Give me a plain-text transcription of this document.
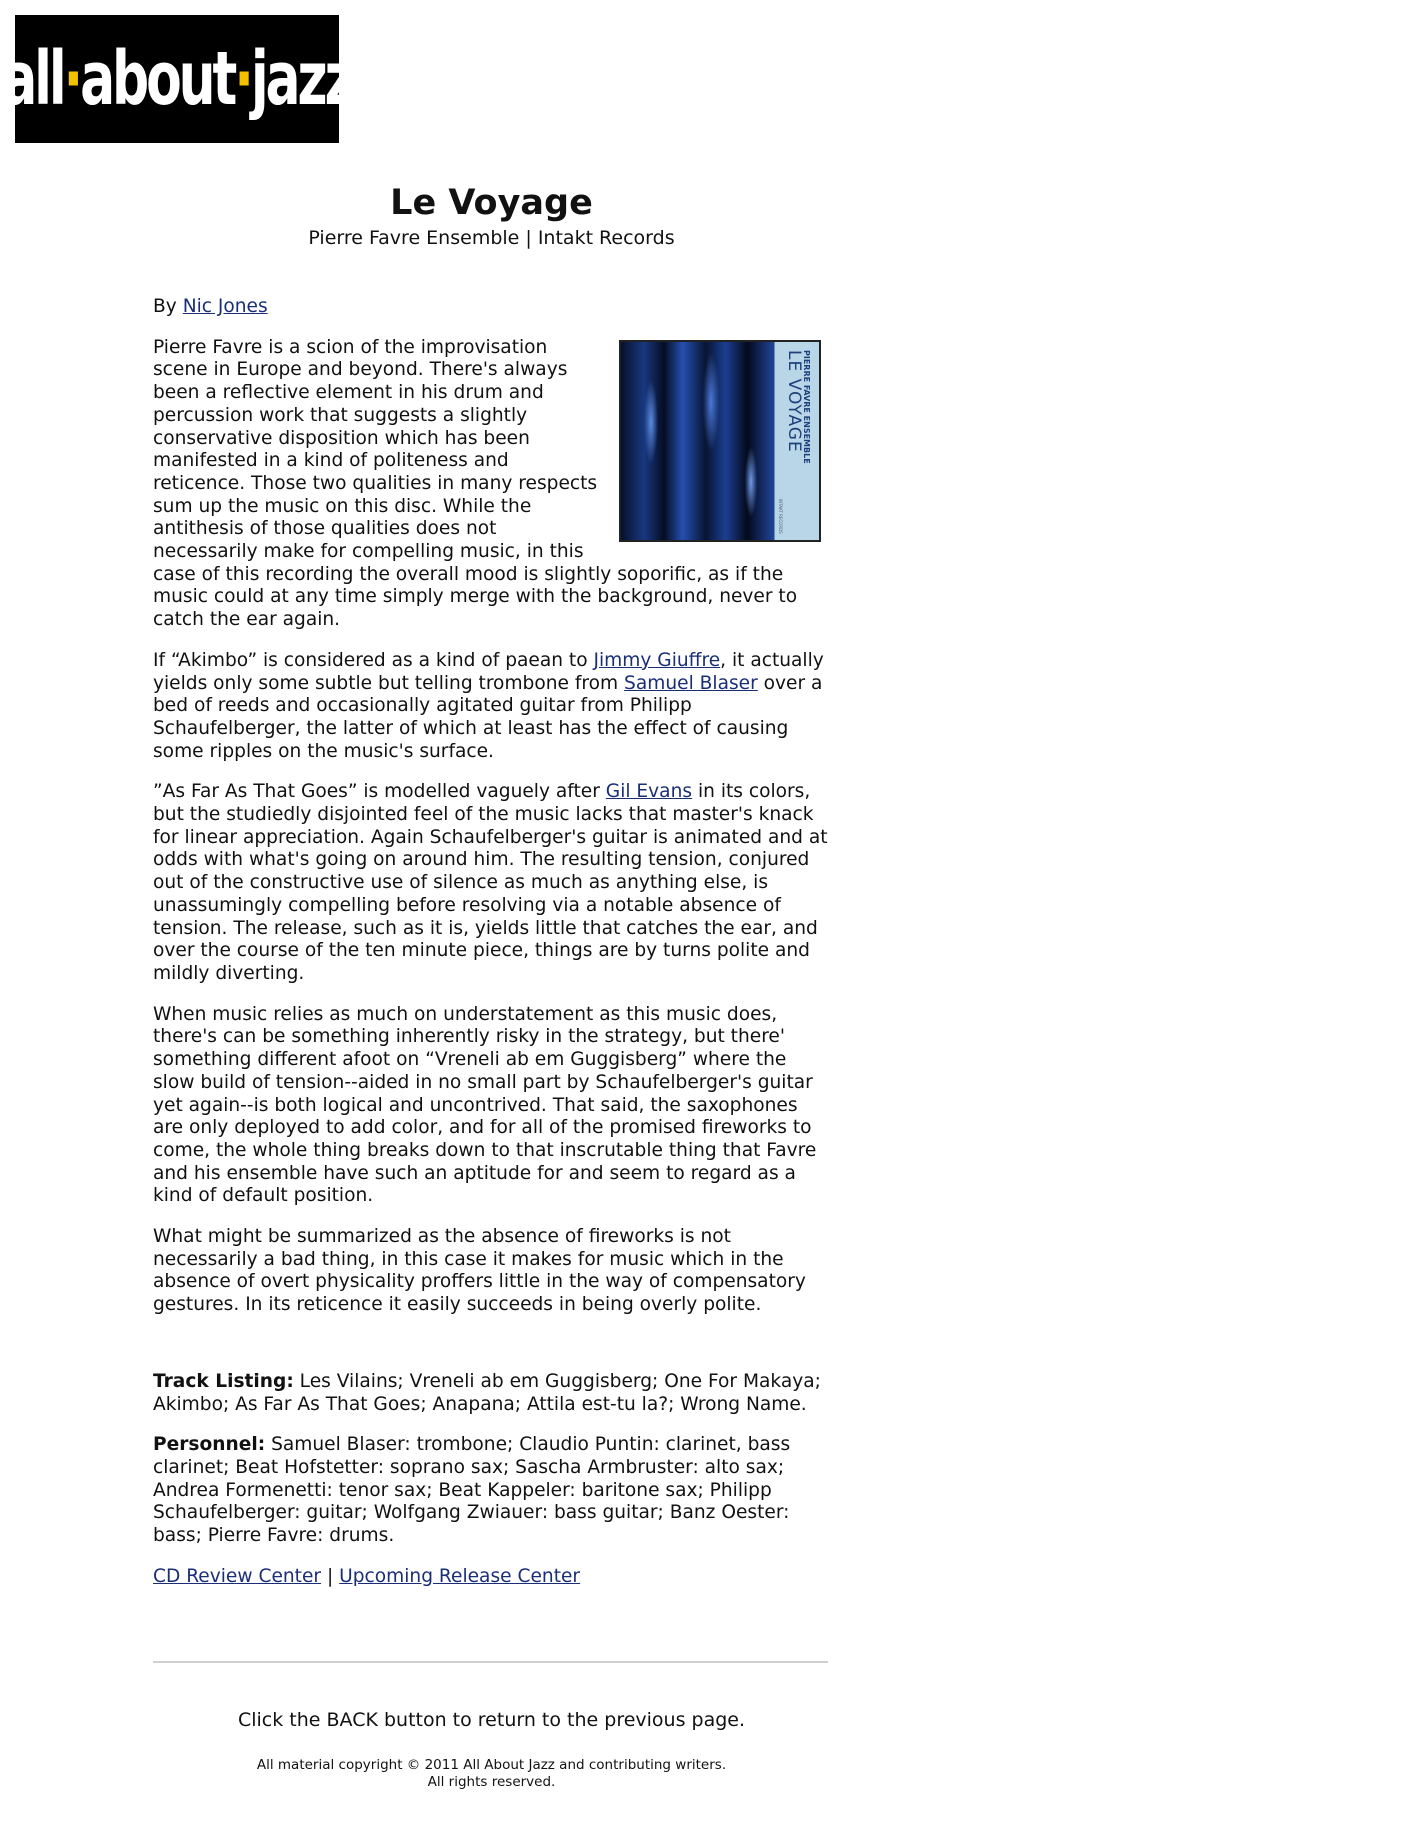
all·about·jazz
Le Voyage
Pierre Favre Ensemble | Intakt Records

By Nic Jones

LE VOYAGE
PIERRE FAVRE ENSEMBLE
INTAKT RECORDS

Pierre Favre is a scion of the improvisation scene in Europe and beyond. There's always been a reflective element in his drum and percussion work that suggests a slightly conservative disposition which has been manifested in a kind of politeness and reticence. Those two qualities in many respects sum up the music on this disc. While the antithesis of those qualities does not necessarily make for compelling music, in this case of this recording the overall mood is slightly soporific, as if the music could at any time simply merge with the background, never to catch the ear again.

If “Akimbo” is considered as a kind of paean to Jimmy Giuffre, it actually yields only some subtle but telling trombone from Samuel Blaser over a bed of reeds and occasionally agitated guitar from Philipp Schaufelberger, the latter of which at least has the effect of causing some ripples on the music's surface.

”As Far As That Goes” is modelled vaguely after Gil Evans in its colors, but the studiedly disjointed feel of the music lacks that master's knack for linear appreciation. Again Schaufelberger's guitar is animated and at odds with what's going on around him. The resulting tension, conjured out of the constructive use of silence as much as anything else, is unassumingly compelling before resolving via a notable absence of tension. The release, such as it is, yields little that catches the ear, and over the course of the ten minute piece, things are by turns polite and mildly diverting.

When music relies as much on understatement as this music does, there's can be something inherently risky in the strategy, but there' something different afoot on “Vreneli ab em Guggisberg” where the slow build of tension--aided in no small part by Schaufelberger's guitar yet again--is both logical and uncontrived. That said, the saxophones are only deployed to add color, and for all of the promised fireworks to come, the whole thing breaks down to that inscrutable thing that Favre and his ensemble have such an aptitude for and seem to regard as a kind of default position.

What might be summarized as the absence of fireworks is not necessarily a bad thing, in this case it makes for music which in the absence of overt physicality proffers little in the way of compensatory gestures. In its reticence it easily succeeds in being overly polite.

Track Listing: Les Vilains; Vreneli ab em Guggisberg; One For Makaya; Akimbo; As Far As That Goes; Anapana; Attila est-tu la?; Wrong Name.

Personnel: Samuel Blaser: trombone; Claudio Puntin: clarinet, bass clarinet; Beat Hofstetter: soprano sax; Sascha Armbruster: alto sax; Andrea Formenetti: tenor sax; Beat Kappeler: baritone sax; Philipp Schaufelberger: guitar; Wolfgang Zwiauer: bass guitar; Banz Oester: bass; Pierre Favre: drums.

CD Review Center | Upcoming Release Center

Click the BACK button to return to the previous page.
All material copyright © 2011 All About Jazz and contributing writers.
All rights reserved.
